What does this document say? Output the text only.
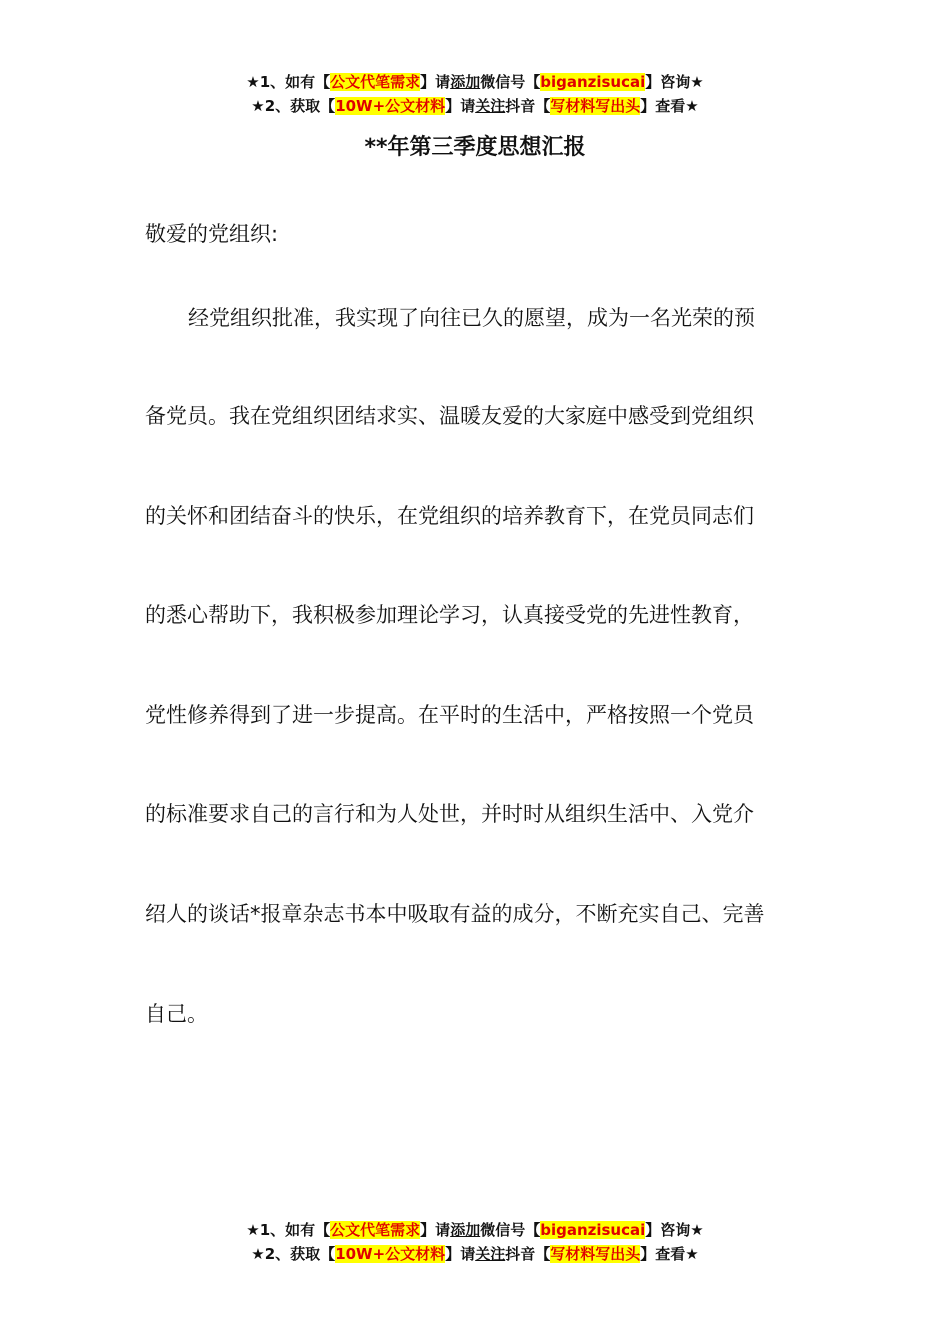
★1、如有【公文代笔需求】请添加微信号【biganzisucai】咨询★
★2、获取【10W+公文材料】请关注抖音【写材料写出头】查看★
**年第三季度思想汇报
敬爱的党组织:
经党组织批准，我实现了向往已久的愿望，成为一名光荣的预
备党员。我在党组织团结求实、温暖友爱的大家庭中感受到党组织
的关怀和团结奋斗的快乐，在党组织的培养教育下，在党员同志们
的悉心帮助下，我积极参加理论学习，认真接受党的先进性教育，
党性修养得到了进一步提高。在平时的生活中，严格按照一个党员
的标准要求自己的言行和为人处世，并时时从组织生活中、入党介
绍人的谈话*报章杂志书本中吸取有益的成分，不断充实自己、完善
自己。
★1、如有【公文代笔需求】请添加微信号【biganzisucai】咨询★
★2、获取【10W+公文材料】请关注抖音【写材料写出头】查看★
